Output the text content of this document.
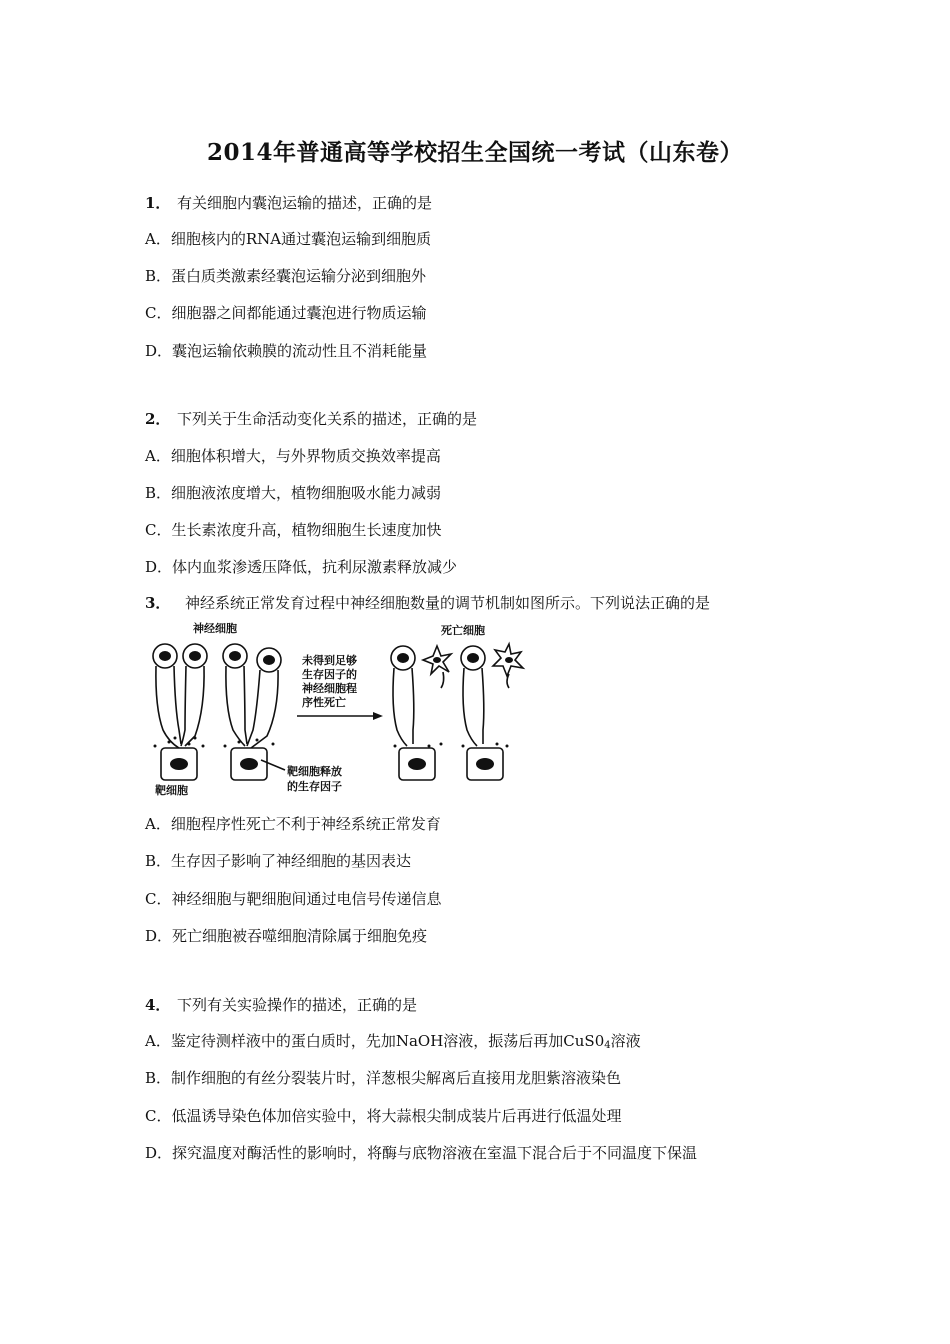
2014年普通高等学校招生全国统一考试（山东卷）
1． 有关细胞内囊泡运输的描述，正确的是
A．细胞核内的RNA通过囊泡运输到细胞质
B．蛋白质类激素经囊泡运输分泌到细胞外
C．细胞器之间都能通过囊泡进行物质运输
D．囊泡运输依赖膜的流动性且不消耗能量
2． 下列关于生命活动变化关系的描述，正确的是
A．细胞体积增大，与外界物质交换效率提高
B．细胞液浓度增大，植物细胞吸水能力减弱
C．生长素浓度升高，植物细胞生长速度加快
D．体内血浆渗透压降低，抗利尿激素释放减少
3． 神经系统正常发育过程中神经细胞数量的调节机制如图所示。下列说法正确的是
神经细胞	死亡细胞
靶细胞
靶细胞释放
的生存因子
未得到足够
生存因子的
神经细胞程
序性死亡
A．细胞程序性死亡不利于神经系统正常发育
B．生存因子影响了神经细胞的基因表达
C．神经细胞与靶细胞间通过电信号传递信息
D．死亡细胞被吞噬细胞清除属于细胞免疫
4． 下列有关实验操作的描述，正确的是
A．鉴定待测样液中的蛋白质时，先加NaOH溶液，振荡后再加$CuS0_4$溶液
B．制作细胞的有丝分裂装片时，洋葱根尖解离后直接用龙胆紫溶液染色
C．低温诱导染色体加倍实验中，将大蒜根尖制成装片后再进行低温处理
D．探究温度对酶活性的影响时，将酶与底物溶液在室温下混合后于不同温度下保温
